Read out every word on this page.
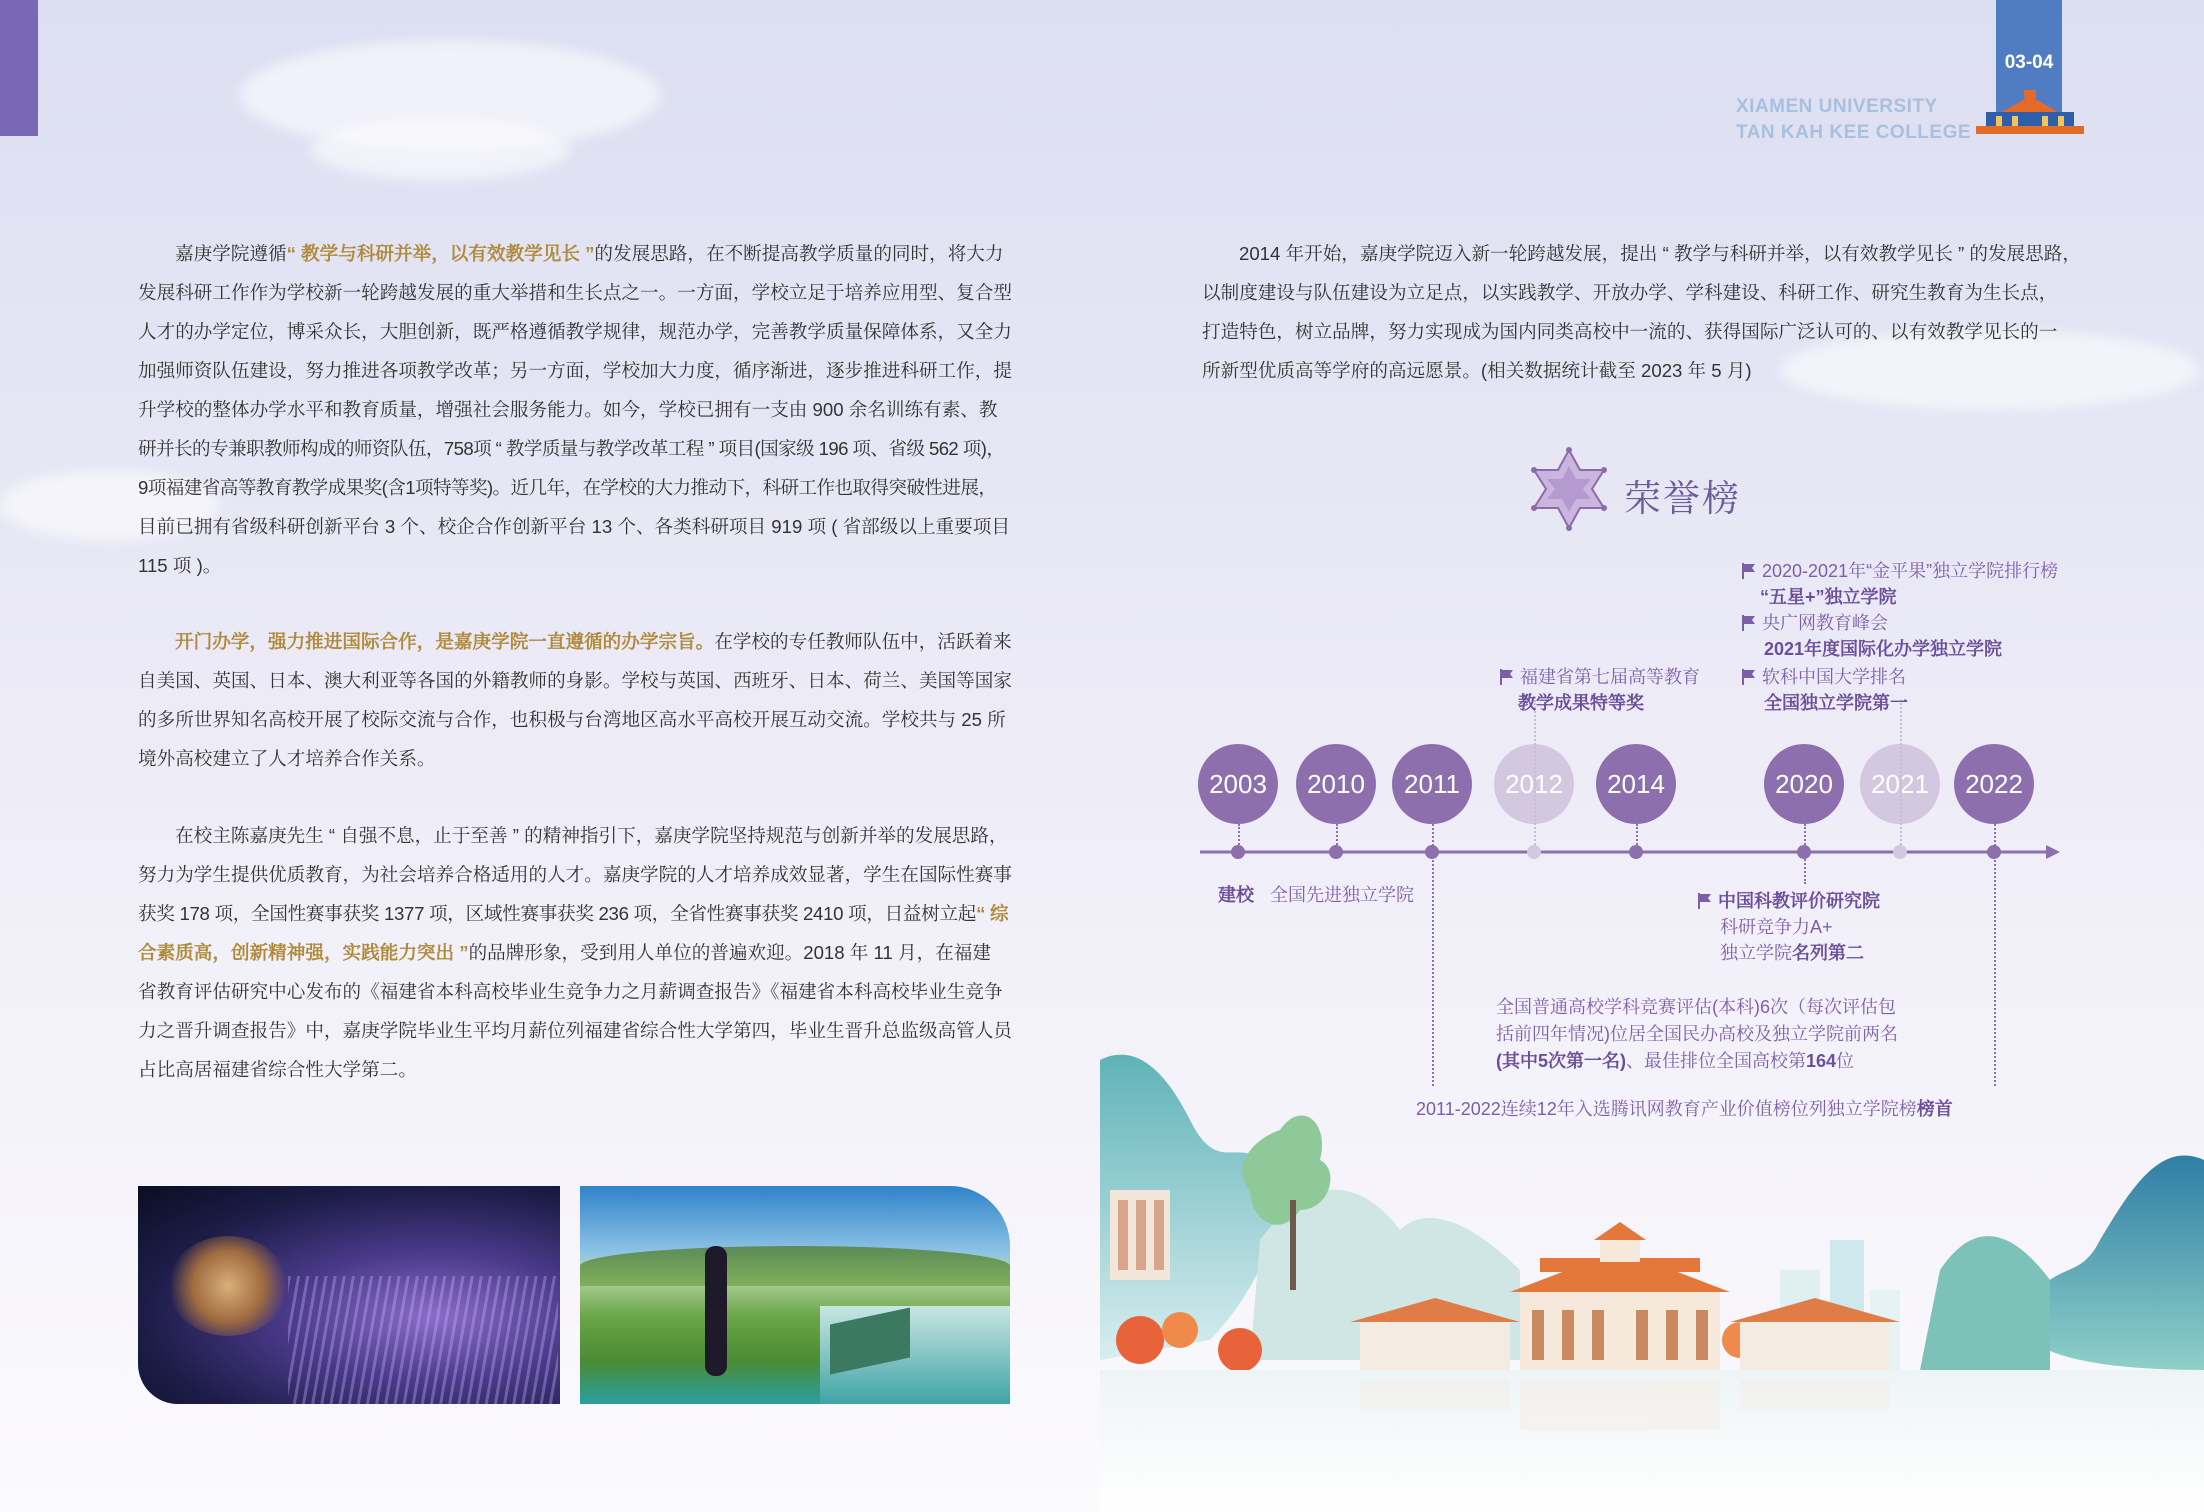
03-04
XIAMEN UNIVERSITY
TAN KAH KEE COLLEGE
嘉庚学院遵循“ 教学与科研并举，以有效教学见长 ”的发展思路，在不断提高教学质量的同时，将大力
发展科研工作作为学校新一轮跨越发展的重大举措和生长点之一。一方面，学校立足于培养应用型、复合型
人才的办学定位，博采众长，大胆创新，既严格遵循教学规律，规范办学，完善教学质量保障体系，又全力
加强师资队伍建设，努力推进各项教学改革；另一方面，学校加大力度，循序渐进，逐步推进科研工作，提
升学校的整体办学水平和教育质量，增强社会服务能力。如今，学校已拥有一支由 900 余名训练有素、教
研并长的专兼职教师构成的师资队伍，758项 “ 教学质量与教学改革工程 ” 项目(国家级 196 项、省级 562 项)，
9项福建省高等教育教学成果奖(含1项特等奖)。近几年，在学校的大力推动下，科研工作也取得突破性进展，
目前已拥有省级科研创新平台 3 个、校企合作创新平台 13 个、各类科研项目 919 项 ( 省部级以上重要项目
115 项 )。
开门办学，强力推进国际合作，是嘉庚学院一直遵循的办学宗旨。在学校的专任教师队伍中，活跃着来
自美国、英国、日本、澳大利亚等各国的外籍教师的身影。学校与英国、西班牙、日本、荷兰、美国等国家
的多所世界知名高校开展了校际交流与合作，也积极与台湾地区高水平高校开展互动交流。学校共与 25 所
境外高校建立了人才培养合作关系。
在校主陈嘉庚先生 “ 自强不息，止于至善 ” 的精神指引下，嘉庚学院坚持规范与创新并举的发展思路，
努力为学生提供优质教育，为社会培养合格适用的人才。嘉庚学院的人才培养成效显著，学生在国际性赛事
获奖 178 项，全国性赛事获奖 1377 项，区域性赛事获奖 236 项，全省性赛事获奖 2410 项，日益树立起“ 综
合素质高，创新精神强，实践能力突出 ”的品牌形象，受到用人单位的普遍欢迎。2018 年 11 月，在福建
省教育评估研究中心发布的《福建省本科高校毕业生竞争力之月薪调查报告》《福建省本科高校毕业生竞争
力之晋升调查报告》中，嘉庚学院毕业生平均月薪位列福建省综合性大学第四，毕业生晋升总监级高管人员
占比高居福建省综合性大学第二。
2014 年开始，嘉庚学院迈入新一轮跨越发展，提出 “ 教学与科研并举，以有效教学见长 ” 的发展思路，
以制度建设与队伍建设为立足点，以实践教学、开放办学、学科建设、科研工作、研究生教育为生长点，
打造特色，树立品牌，努力实现成为国内同类高校中一流的、获得国际广泛认可的、以有效教学见长的一
所新型优质高等学府的高远愿景。(相关数据统计截至 2023 年 5 月)
荣誉榜
2003	2010	2011	2012	2014	2020	2021	2022
福建省第七届高等教育
教学成果特等奖
2020-2021年“金平果”独立学院排行榜
“五星+”独立学院
央广网教育峰会
2021年度国际化办学独立学院
软科中国大学排名
全国独立学院第一
建校 全国先进独立学院	中国科教评价研究院
科研竞争力A+
独立学院名列第二
全国普通高校学科竞赛评估(本科)6次（每次评估包
括前四年情况)位居全国民办高校及独立学院前两名
(其中5次第一名)、最佳排位全国高校第164位
2011-2022连续12年入选腾讯网教育产业价值榜位列独立学院榜榜首
